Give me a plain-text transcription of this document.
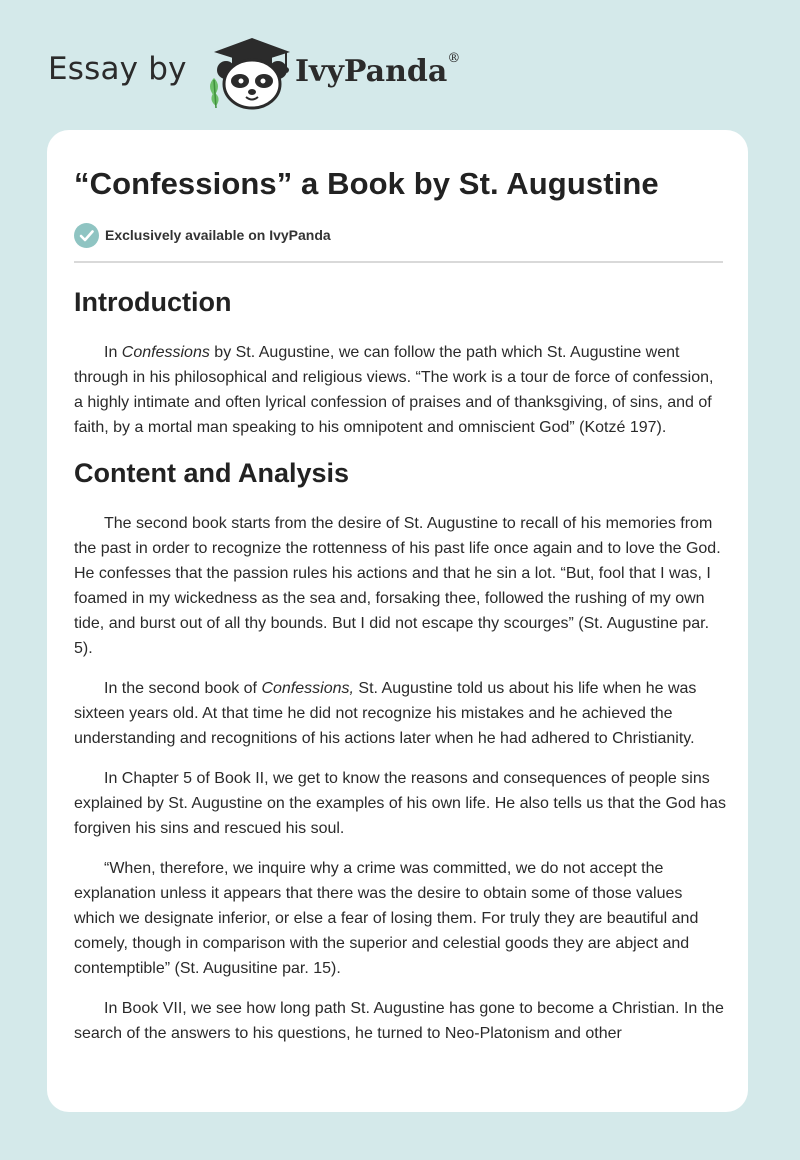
Essay by	IvyPanda®
“Confessions” a Book by St. Augustine
Exclusively available on IvyPanda
Introduction

In Confessions by St. Augustine, we can follow the path which St. Augustine went through in his philosophical and religious views. “The work is a tour de force of confession, a highly intimate and often lyrical confession of praises and of thanksgiving, of sins, and of faith, by a mortal man speaking to his omnipotent and omniscient God” (Kotzé 197).

Content and Analysis

The second book starts from the desire of St. Augustine to recall of his memories from the past in order to recognize the rottenness of his past life once again and to love the God. He confesses that the passion rules his actions and that he sin a lot. “But, fool that I was, I foamed in my wickedness as the sea and, forsaking thee, followed the rushing of my own tide, and burst out of all thy bounds. But I did not escape thy scourges” (St. Augustine par. 5).

In the second book of Confessions, St. Augustine told us about his life when he was sixteen years old. At that time he did not recognize his mistakes and he achieved the understanding and recognitions of his actions later when he had adhered to Christianity.

In Chapter 5 of Book II, we get to know the reasons and consequences of people sins explained by St. Augustine on the examples of his own life. He also tells us that the God has forgiven his sins and rescued his soul.

“When, therefore, we inquire why a crime was committed, we do not accept the explanation unless it appears that there was the desire to obtain some of those values which we designate inferior, or else a fear of losing them. For truly they are beautiful and comely, though in comparison with the superior and celestial goods they are abject and contemptible” (St. Augusitine par. 15).

In Book VII, we see how long path St. Augustine has gone to become a Christian. In the search of the answers to his questions, he turned to Neo-Platonism and other
